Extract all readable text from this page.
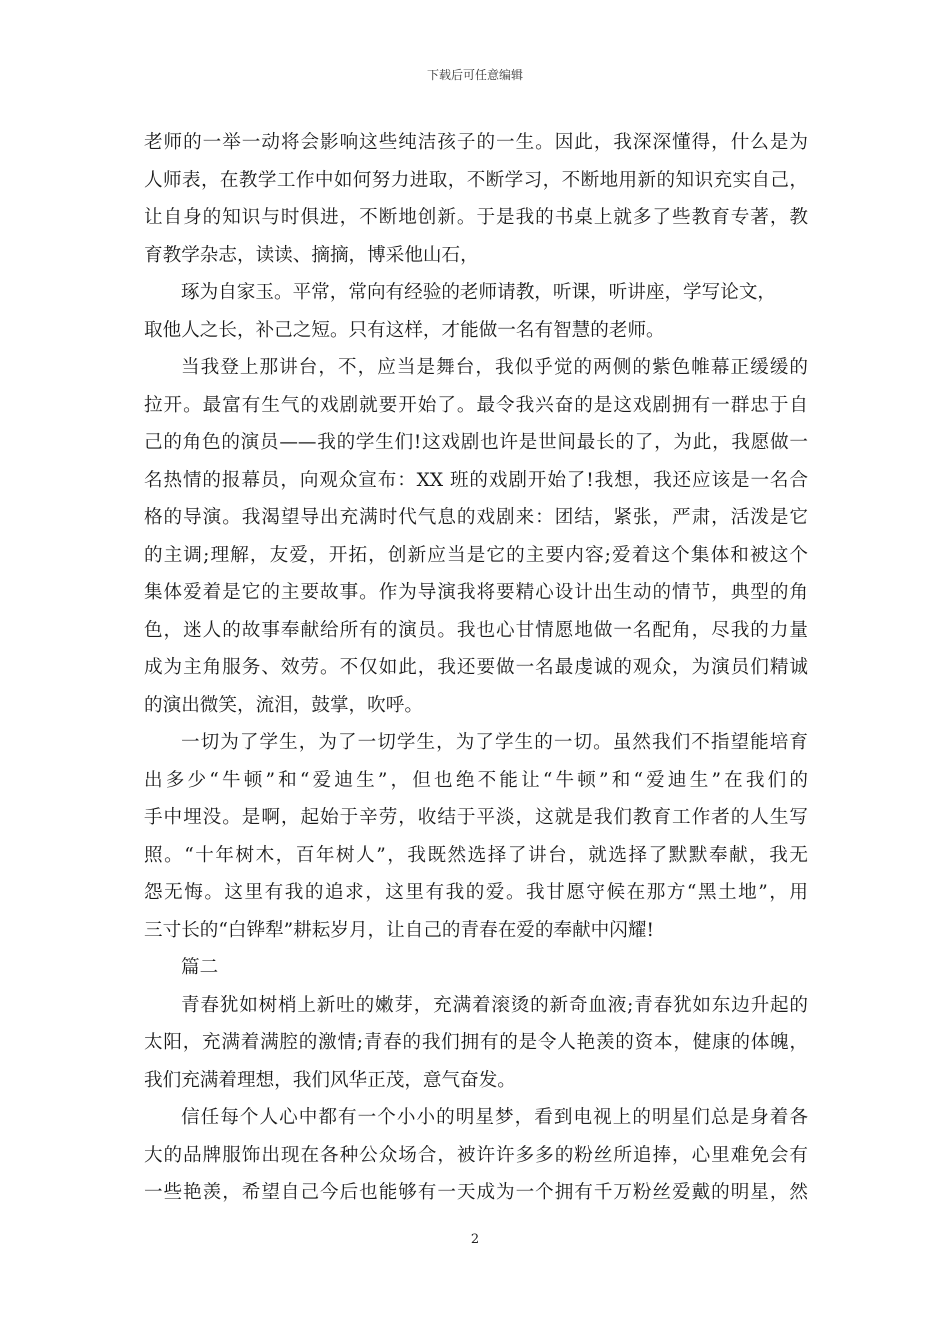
下载后可任意编辑
老师的一举一动将会影响这些纯洁孩子的一生。因此，我深深懂得，什么是为
人师表，在教学工作中如何努力进取，不断学习，不断地用新的知识充实自己，
让自身的知识与时俱进，不断地创新。于是我的书桌上就多了些教育专著，教
育教学杂志，读读、摘摘，博采他山石，
琢为自家玉。平常，常向有经验的老师请教，听课，听讲座，学写论文，
取他人之长，补己之短。只有这样，才能做一名有智慧的老师。
当我登上那讲台，不，应当是舞台，我似乎觉的两侧的紫色帷幕正缓缓的
拉开。最富有生气的戏剧就要开始了。最令我兴奋的是这戏剧拥有一群忠于自
己的角色的演员——我的学生们!这戏剧也许是世间最长的了，为此，我愿做一
名热情的报幕员，向观众宣布：XX 班的戏剧开始了!我想，我还应该是一名合
格的导演。我渴望导出充满时代气息的戏剧来：团结，紧张，严肃，活泼是它
的主调;理解，友爱，开拓，创新应当是它的主要内容;爱着这个集体和被这个
集体爱着是它的主要故事。作为导演我将要精心设计出生动的情节，典型的角
色，迷人的故事奉献给所有的演员。我也心甘情愿地做一名配角，尽我的力量
成为主角服务、效劳。不仅如此，我还要做一名最虔诚的观众，为演员们精诚
的演出微笑，流泪，鼓掌，吹呼。
一切为了学生，为了一切学生，为了学生的一切。虽然我们不指望能培育
出多少“牛顿”和“爱迪生”，但也绝不能让“牛顿”和“爱迪生”在我们的
手中埋没。是啊，起始于辛劳，收结于平淡，这就是我们教育工作者的人生写
照。“十年树木，百年树人”，我既然选择了讲台，就选择了默默奉献，我无
怨无悔。这里有我的追求，这里有我的爱。我甘愿守候在那方“黑土地”，用
三寸长的“白铧犁”耕耘岁月，让自己的青春在爱的奉献中闪耀!
篇二
青春犹如树梢上新吐的嫩芽，充满着滚烫的新奇血液;青春犹如东边升起的
太阳，充满着满腔的激情;青春的我们拥有的是令人艳羡的资本，健康的体魄，
我们充满着理想，我们风华正茂，意气奋发。
信任每个人心中都有一个小小的明星梦，看到电视上的明星们总是身着各
大的品牌服饰出现在各种公众场合，被许许多多的粉丝所追捧，心里难免会有
一些艳羡，希望自己今后也能够有一天成为一个拥有千万粉丝爱戴的明星，然
2
